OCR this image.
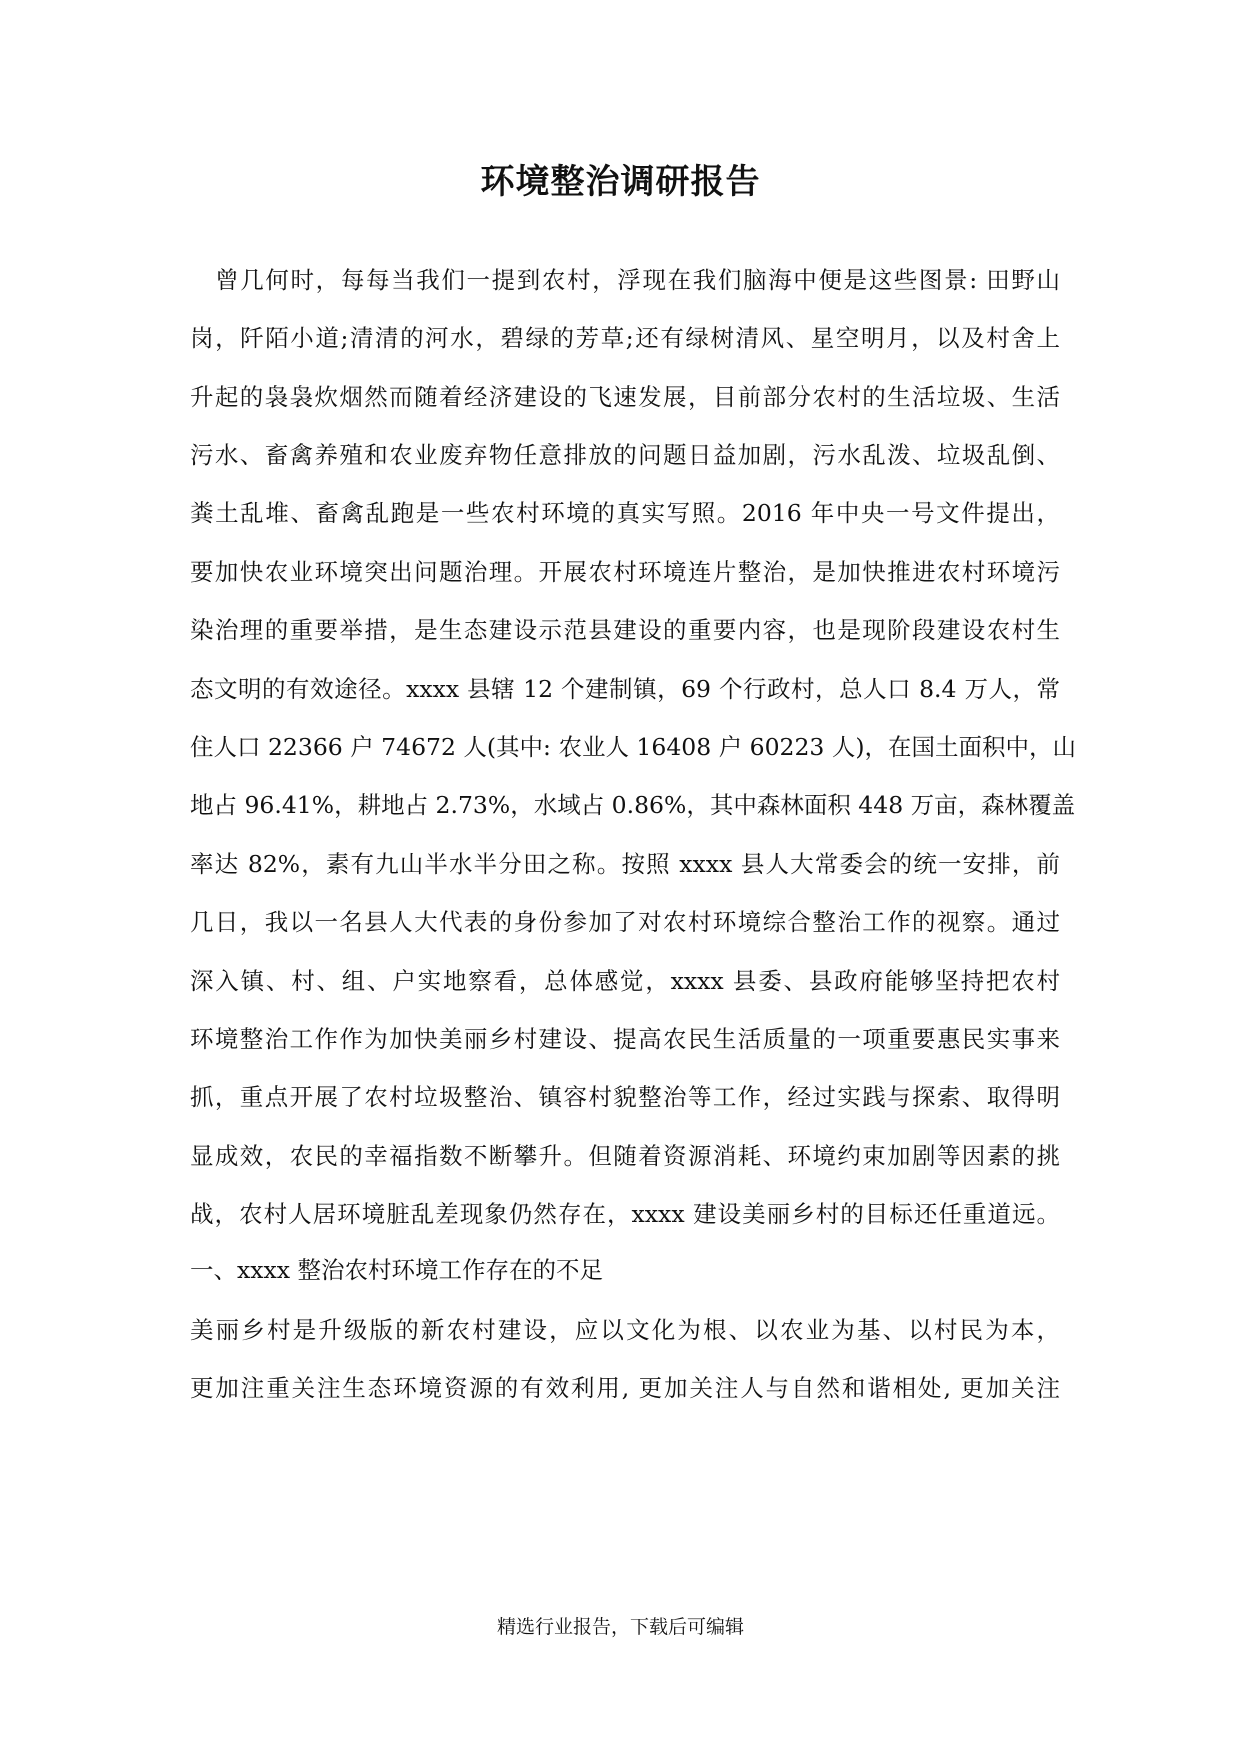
环境整治调研报告
　曾几何时，每每当我们一提到农村，浮现在我们脑海中便是这些图景: 田野山
岗，阡陌小道;清清的河水，碧绿的芳草;还有绿树清风、星空明月，以及村舍上
升起的袅袅炊烟然而随着经济建设的飞速发展，目前部分农村的生活垃圾、生活
污水、畜禽养殖和农业废弃物任意排放的问题日益加剧，污水乱泼、垃圾乱倒、
粪土乱堆、畜禽乱跑是一些农村环境的真实写照。2016 年中央一号文件提出，
要加快农业环境突出问题治理。开展农村环境连片整治，是加快推进农村环境污
染治理的重要举措，是生态建设示范县建设的重要内容，也是现阶段建设农村生
态文明的有效途径。xxxx 县辖 12 个建制镇，69 个行政村，总人口 8.4 万人，常
住人口 22366 户 74672 人(其中: 农业人 16408 户 60223 人)，在国土面积中，山
地占 96.41%，耕地占 2.73%，水域占 0.86%，其中森林面积 448 万亩，森林覆盖
率达 82%，素有九山半水半分田之称。按照 xxxx 县人大常委会的统一安排，前
几日，我以一名县人大代表的身份参加了对农村环境综合整治工作的视察。通过
深入镇、村、组、户实地察看，总体感觉，xxxx 县委、县政府能够坚持把农村
环境整治工作作为加快美丽乡村建设、提高农民生活质量的一项重要惠民实事来
抓，重点开展了农村垃圾整治、镇容村貌整治等工作，经过实践与探索、取得明
显成效，农民的幸福指数不断攀升。但随着资源消耗、环境约束加剧等因素的挑
战，农村人居环境脏乱差现象仍然存在，xxxx 建设美丽乡村的目标还任重道远。
一、xxxx 整治农村环境工作存在的不足
美丽乡村是升级版的新农村建设，应以文化为根、以农业为基、以村民为本，
更加注重关注生态环境资源的有效利用, 更加关注人与自然和谐相处, 更加关注
精选行业报告，下载后可编辑
